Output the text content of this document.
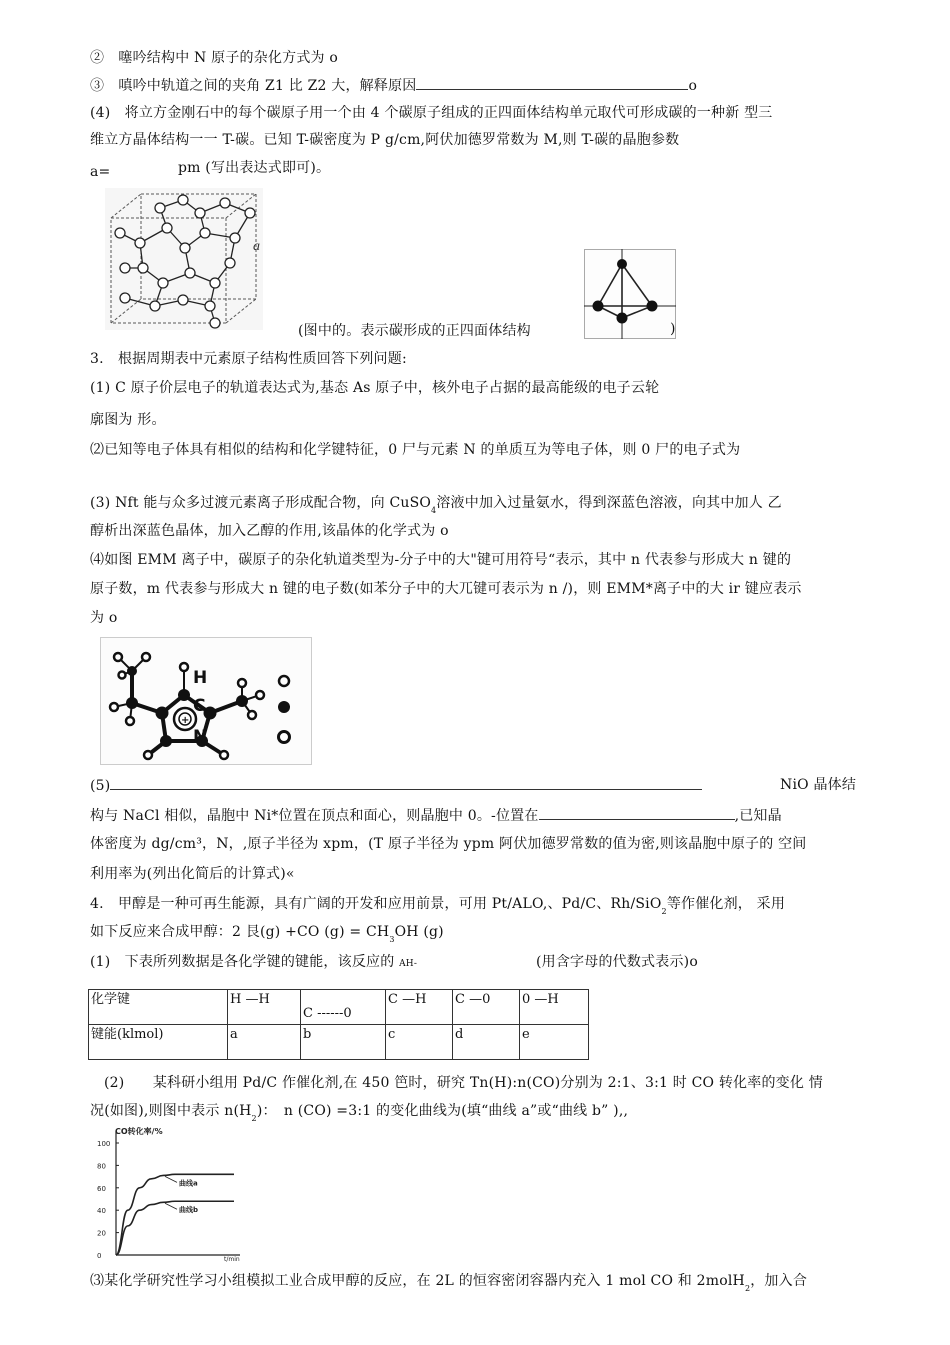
②　噻吟结构中 N 原子的杂化方式为 o
③　嗔吟中轨道之间的夹角 Z1 比 Z2 大，解释原因	o
(4)　将立方金刚石中的每个碳原子用一个由 4 个碳原子组成的正四面体结构单元取代可形成碳的一种新 型三
维立方晶体结构一一 T-碳。已知 T-碳密度为 P g/cm,阿伏加德罗常数为 M,则 T-碳的晶胞参数
a=	pm (写出表达式即可)。
a
(图中的。表示碳形成的正四面体结构	)
3.　根据周期表中元素原子结构性质回答下列问题:
(1) C 原子价层电子的轨道表达式为,基态 As 原子中，核外电子占据的最高能级的电子云轮
廓图为 形。
⑵已知等电子体具有相似的结构和化学键特征，0 尸与元素 N 的单质互为等电子体，则 0 尸的电子式为
(3) Nft 能与众多过渡元素离子形成配合物，向 CuSO$_4$溶液中加入过量氨水，得到深蓝色溶液，向其中加人 乙
醇析出深蓝色晶体，加入乙醇的作用,该晶体的化学式为 o
⑷如图 EMM 离子中，碳原子的杂化轨道类型为-分子中的大"键可用符号“表示，其中 n 代表参与形成大 n 键的
原子数，m 代表参与形成大 n 键的电子数(如苯分子中的大兀键可表示为 n /)，则 EMM*离子中的大 ir 键应表示
为 o
+
H
C
N
(5)	NiO 晶体结
构与 NaCl 相似，晶胞中 Ni*位置在顶点和面心，则晶胞中 0。-位置在	,已知晶
体密度为 dg/cm³，N，,原子半径为 xpm，(T 原子半径为 ypm 阿伏加德罗常数的值为密,则该晶胞中原子的 空间
利用率为(列出化简后的计算式)«
4.　甲醇是一种可再生能源，具有广阔的开发和应用前景，可用 Pt/ALO,、Pd/C、Rh/SiO$_2$等作催化剂， 采用
如下反应来合成甲醇：2 艮(g) +CO $(g) = CH_3OH$ (g)
(1)　下表所列数据是各化学键的键能，该反应的 AH-	(用含字母的代数式表示)o
化学键	H —H	C ------0	C —H	C —0	0 —H
键能(klmol)	a	b	c	d	e
(2)　　某科研小组用 Pd/C 作催化剂,在 450 笆时，研究 Tn(H):n(CO)分别为 2:1、3:1 时 CO 转化率的变化 情
况(如图),则图中表示 $n(H_2)$：　n (CO) =3:1 的变化曲线为(填“曲线 a”或“曲线 b” ),,
CO转化率/%
t/min
100
80
60
40
20
0
曲线a
曲线b
⑶某化学研究性学习小组模拟工业合成甲醇的反应，在 2L 的恒容密闭容器内充入 1 mol CO 和 2molH$_2$，加入合
